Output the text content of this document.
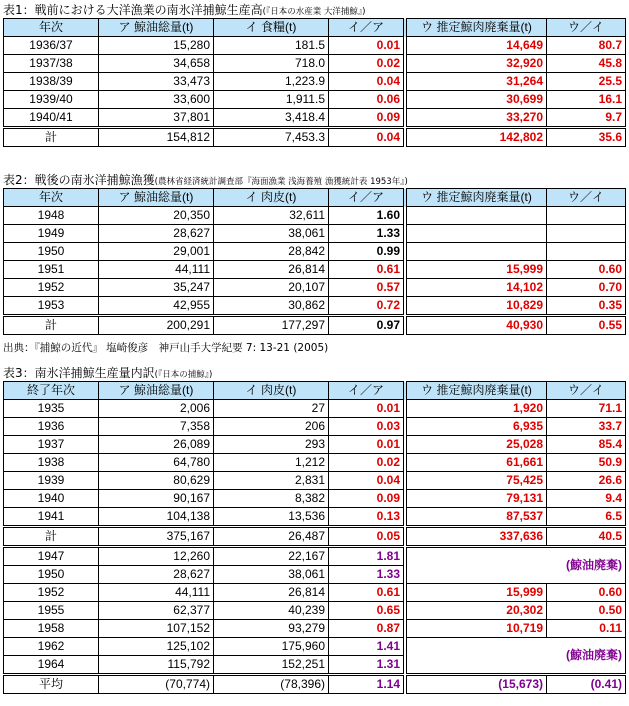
表1：戦前における大洋漁業の南氷洋捕鯨生産高(『日本の水産業 大洋捕鯨』)
年次	ア 鯨油総量(t)	イ 食糧(t)	イ／ア		ウ 推定鯨肉廃棄量(t)	ウ／イ
1936/37	15,280	181.5	0.01		14,649	80.7
1937/38	34,658	718.0	0.02		32,920	45.8
1938/39	33,473	1,223.9	0.04		31,264	25.5
1939/40	33,600	1,911.5	0.06		30,699	16.1
1940/41	37,801	3,418.4	0.09		33,270	9.7
計	154,812	7,453.3	0.04		142,802	35.6
表2：戦後の南氷洋捕鯨漁獲(農林省経済統計調査部『海面漁業 浅海養殖 漁獲統計表 1953年』)
年次	ア 鯨油総量(t)	イ 肉皮(t)	イ／ア		ウ 推定鯨肉廃棄量(t)	ウ／イ
1948	20,350	32,611	1.60			
1949	28,627	38,061	1.33			
1950	29,001	28,842	0.99			
1951	44,111	26,814	0.61		15,999	0.60
1952	35,247	20,107	0.57		14,102	0.70
1953	42,955	30,862	0.72		10,829	0.35
計	200,291	177,297	0.97		40,930	0.55
出典：『捕鯨の近代』 塩崎俊彦　神戸山手大学紀要 7: 13-21 (2005)
表3：南氷洋捕鯨生産量内訳(『日本の捕鯨』)
終了年次	ア 鯨油総量(t)	イ 肉皮(t)	イ／ア		ウ 推定鯨肉廃棄量(t)	ウ／イ
1935	2,006	27	0.01		1,920	71.1
1936	7,358	206	0.03		6,935	33.7
1937	26,089	293	0.01		25,028	85.4
1938	64,780	1,212	0.02		61,661	50.9
1939	80,629	2,831	0.04		75,425	26.6
1940	90,167	8,382	0.09		79,131	9.4
1941	104,138	13,536	0.13		87,537	6.5
計	375,167	26,487	0.05		337,636	40.5
1947	12,260	22,167	1.81		(鯨油廃棄)	
1950	28,627	38,061	1.33			
1952	44,111	26,814	0.61		15,999	0.60
1955	62,377	40,239	0.65		20,302	0.50
1958	107,152	93,279	0.87		10,719	0.11
1962	125,102	175,960	1.41		(鯨油廃棄)	
1964	115,792	152,251	1.31			
平均	(70,774)	(78,396)	1.14		(15,673)	(0.41)
